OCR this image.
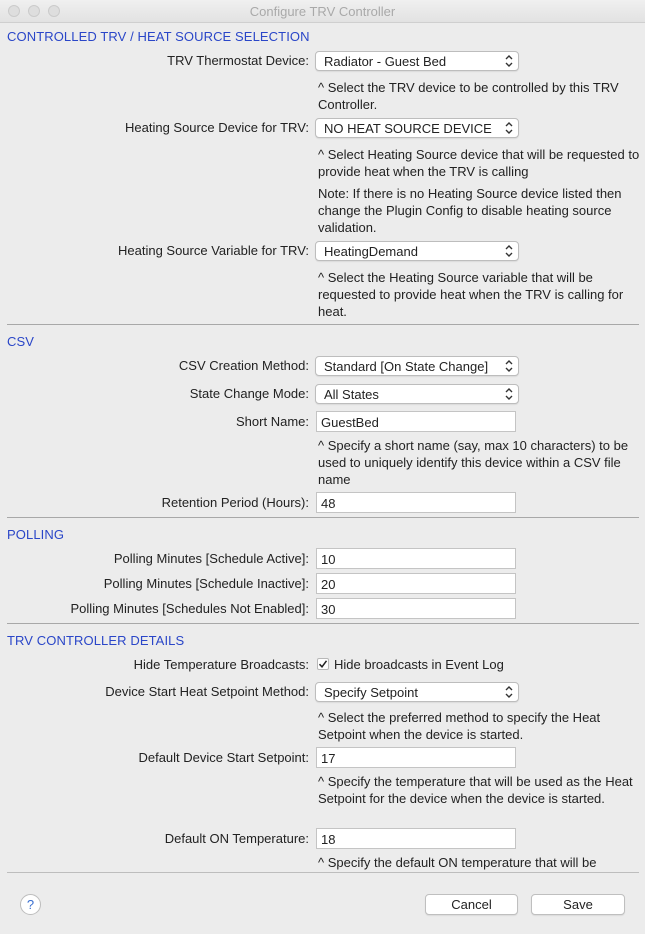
Configure TRV Controller
CONTROLLED TRV / HEAT SOURCE SELECTION
TRV Thermostat Device:	Radiator - Guest Bed
^ Select the TRV device to be controlled by this TRV Controller.
Heating Source Device for TRV:	NO HEAT SOURCE DEVICE
^ Select Heating Source device that will be requested to provide heat when the TRV is calling
Note: If there is no Heating Source device listed then change the Plugin Config to disable heating source validation.
Heating Source Variable for TRV:	HeatingDemand
^ Select the Heating Source variable that will be requested to provide heat when the TRV is calling for heat.
CSV
CSV Creation Method:	Standard [On State Change]
State Change Mode:	All States
Short Name: GuestBed
^ Specify a short name (say, max 10 characters) to be used to uniquely identify this device within a CSV file name
Retention Period (Hours): 48
POLLING
Polling Minutes [Schedule Active]: 10
Polling Minutes [Schedule Inactive]: 20
Polling Minutes [Schedules Not Enabled]: 30
TRV CONTROLLER DETAILS
Hide Temperature Broadcasts: Hide broadcasts in Event Log
Device Start Heat Setpoint Method:	Specify Setpoint
^ Select the preferred method to specify the Heat Setpoint when the device is started.
Default Device Start Setpoint: 17
^ Specify the temperature that will be used as the Heat Setpoint for the device when the device is started.
Default ON Temperature: 18
^ Specify the default ON temperature that will be
?	Cancel	Save
